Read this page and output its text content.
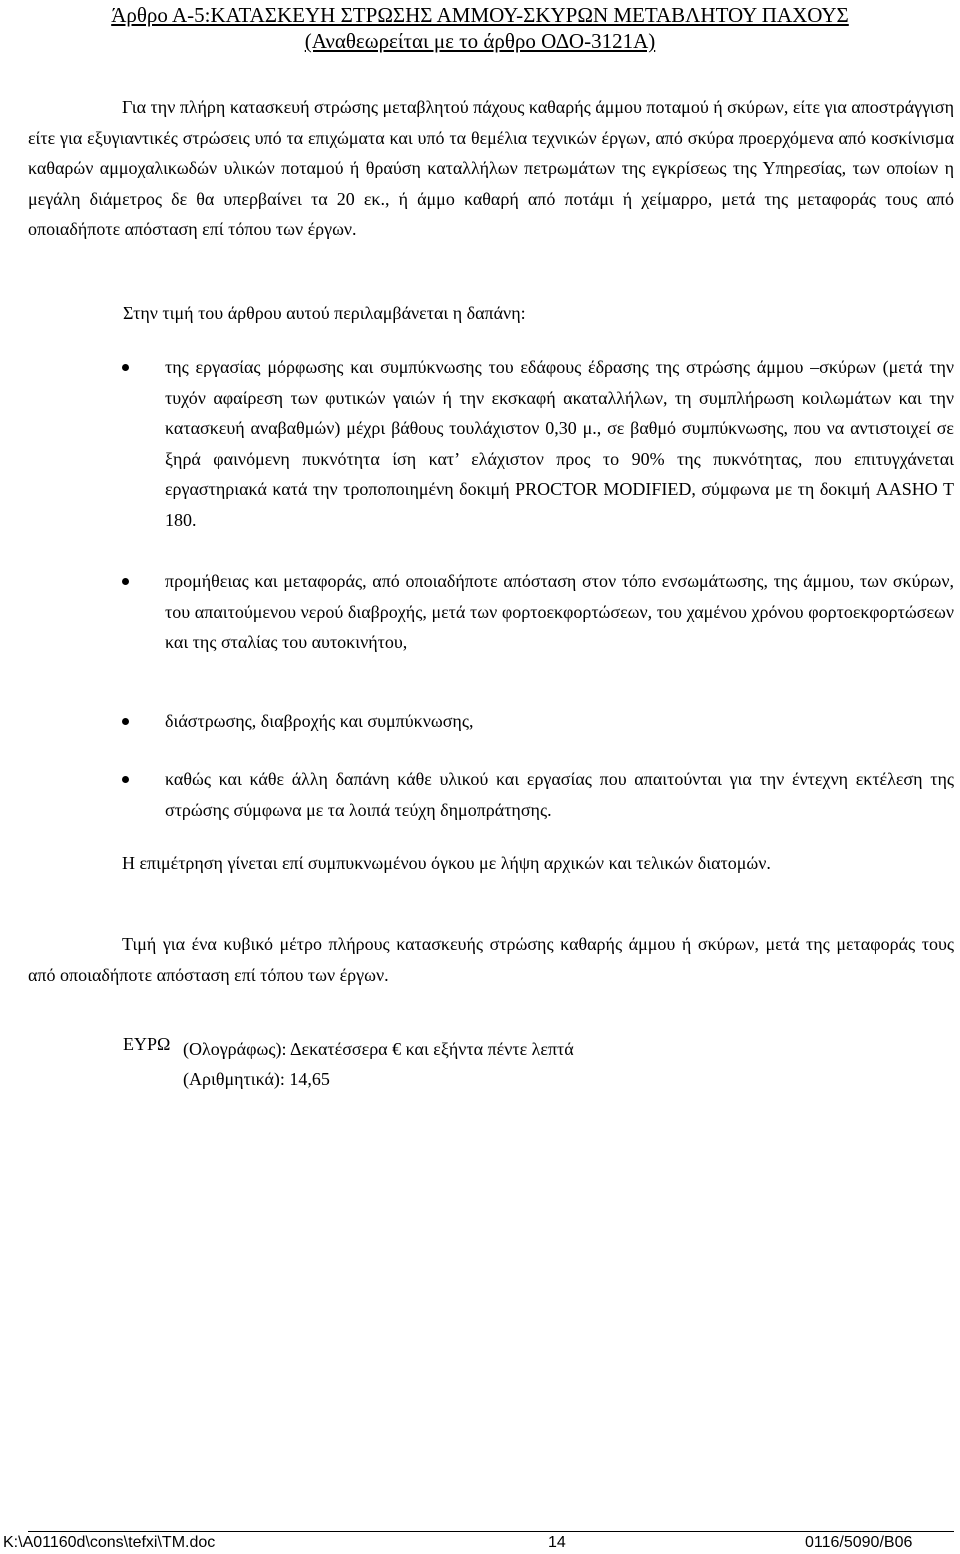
Άρθρο Α-5:ΚΑΤΑΣΚΕΥΗ ΣΤΡΩΣΗΣ ΑΜΜΟΥ-ΣΚΥΡΩΝ ΜΕΤΑΒΛΗΤΟΥ ΠΑΧΟΥΣ
(Αναθεωρείται με το άρθρο ΟΔΟ-3121Α)

Για την πλήρη κατασκευή στρώσης μεταβλητού πάχους καθαρής άμμου ποταμού ή σκύρων, είτε για αποστράγγιση είτε για εξυγιαντικές στρώσεις υπό τα επιχώματα και υπό τα θεμέλια τεχνικών έργων, από σκύρα προερχόμενα από κοσκίνισμα καθαρών αμμοχαλικωδών υλικών ποταμού ή θραύση καταλλήλων πετρωμάτων της εγκρίσεως της Υπηρεσίας, των οποίων η μεγάλη διάμετρος δε θα υπερβαίνει τα 20 εκ., ή άμμο καθαρή από ποτάμι ή χείμαρρο, μετά της μεταφοράς τους από οποιαδήποτε απόσταση επί τόπου των έργων.

Στην τιμή του άρθρου αυτού περιλαμβάνεται η δαπάνη:

της εργασίας μόρφωσης και συμπύκνωσης του εδάφους έδρασης της στρώσης άμμου –σκύρων (μετά την τυχόν αφαίρεση των φυτικών γαιών ή την εκσκαφή ακαταλλήλων, τη συμπλήρωση κοιλωμάτων και την κατασκευή αναβαθμών) μέχρι βάθους τουλάχιστον 0,30 μ., σε βαθμό συμπύκνωσης, που να αντιστοιχεί σε ξηρά φαινόμενη πυκνότητα ίση κατ’ ελάχιστον προς το 90% της πυκνότητας, που επιτυγχάνεται εργαστηριακά κατά την τροποποιημένη δοκιμή PROCTOR MODIFIED, σύμφωνα με τη δοκιμή AASHO T 180.

προμήθειας και μεταφοράς, από οποιαδήποτε απόσταση στον τόπο ενσωμάτωσης, της άμμου, των σκύρων, του απαιτούμενου νερού διαβροχής, μετά των φορτοεκφορτώσεων, του χαμένου χρόνου φορτοεκφορτώσεων και της σταλίας του αυτοκινήτου,

διάστρωσης, διαβροχής και συμπύκνωσης,

καθώς και κάθε άλλη δαπάνη κάθε υλικού και εργασίας που απαιτούνται για την έντεχνη εκτέλεση της στρώσης σύμφωνα με τα λοιπά τεύχη δημοπράτησης.

Η επιμέτρηση γίνεται επί συμπυκνωμένου όγκου με λήψη αρχικών και τελικών διατομών.

Τιμή για ένα κυβικό μέτρο πλήρους κατασκευής στρώσης καθαρής άμμου ή σκύρων, μετά της μεταφοράς τους από οποιαδήποτε απόσταση επί τόπου των έργων.

ΕΥΡΩ (Ολογράφως): Δεκατέσσερα € και εξήντα πέντε λεπτά
(Αριθμητικά): 14,65
K:\A01160d\cons\tefxi\TM.doc	14	0116/5090/B06
